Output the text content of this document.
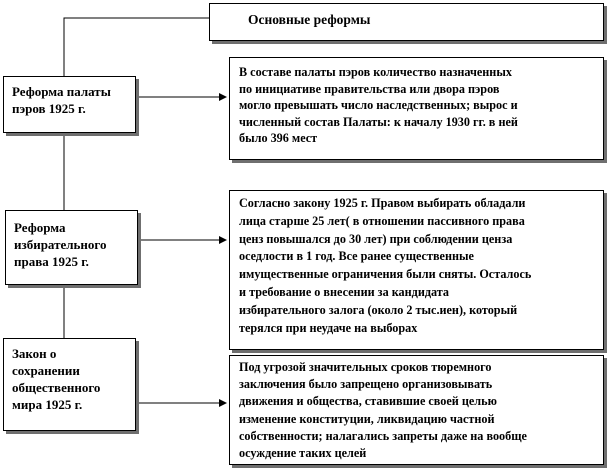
Основные реформы
Реформа палаты
пэров 1925 г.
В составе палаты пэров количество назначенных
по инициативе правительства или двора пэров
могло превышать число наследственных; вырос и
численный состав Палаты: к началу 1930 гг. в ней
было 396 мест
Реформа
избирательного
права 1925 г.
Согласно закону 1925 г. Правом выбирать обладали
лица старше 25 лет( в отношении пассивного права
ценз повышался до 30 лет) при соблюдении ценза
оседлости в 1 год. Все ранее существенные
имущественные ограничения были сняты. Осталось
и требование о внесении за кандидата
избирательного залога (около 2 тыс.иен), который
терялся при неудаче на выборах
Закон о
сохранении
общественного
мира 1925 г.
Под угрозой значительных сроков тюремного
заключения было запрещено организовывать
движения и общества, ставившие своей целью
изменение конституции, ликвидацию частной
собственности; налагались запреты даже на вообще
осуждение таких целей
